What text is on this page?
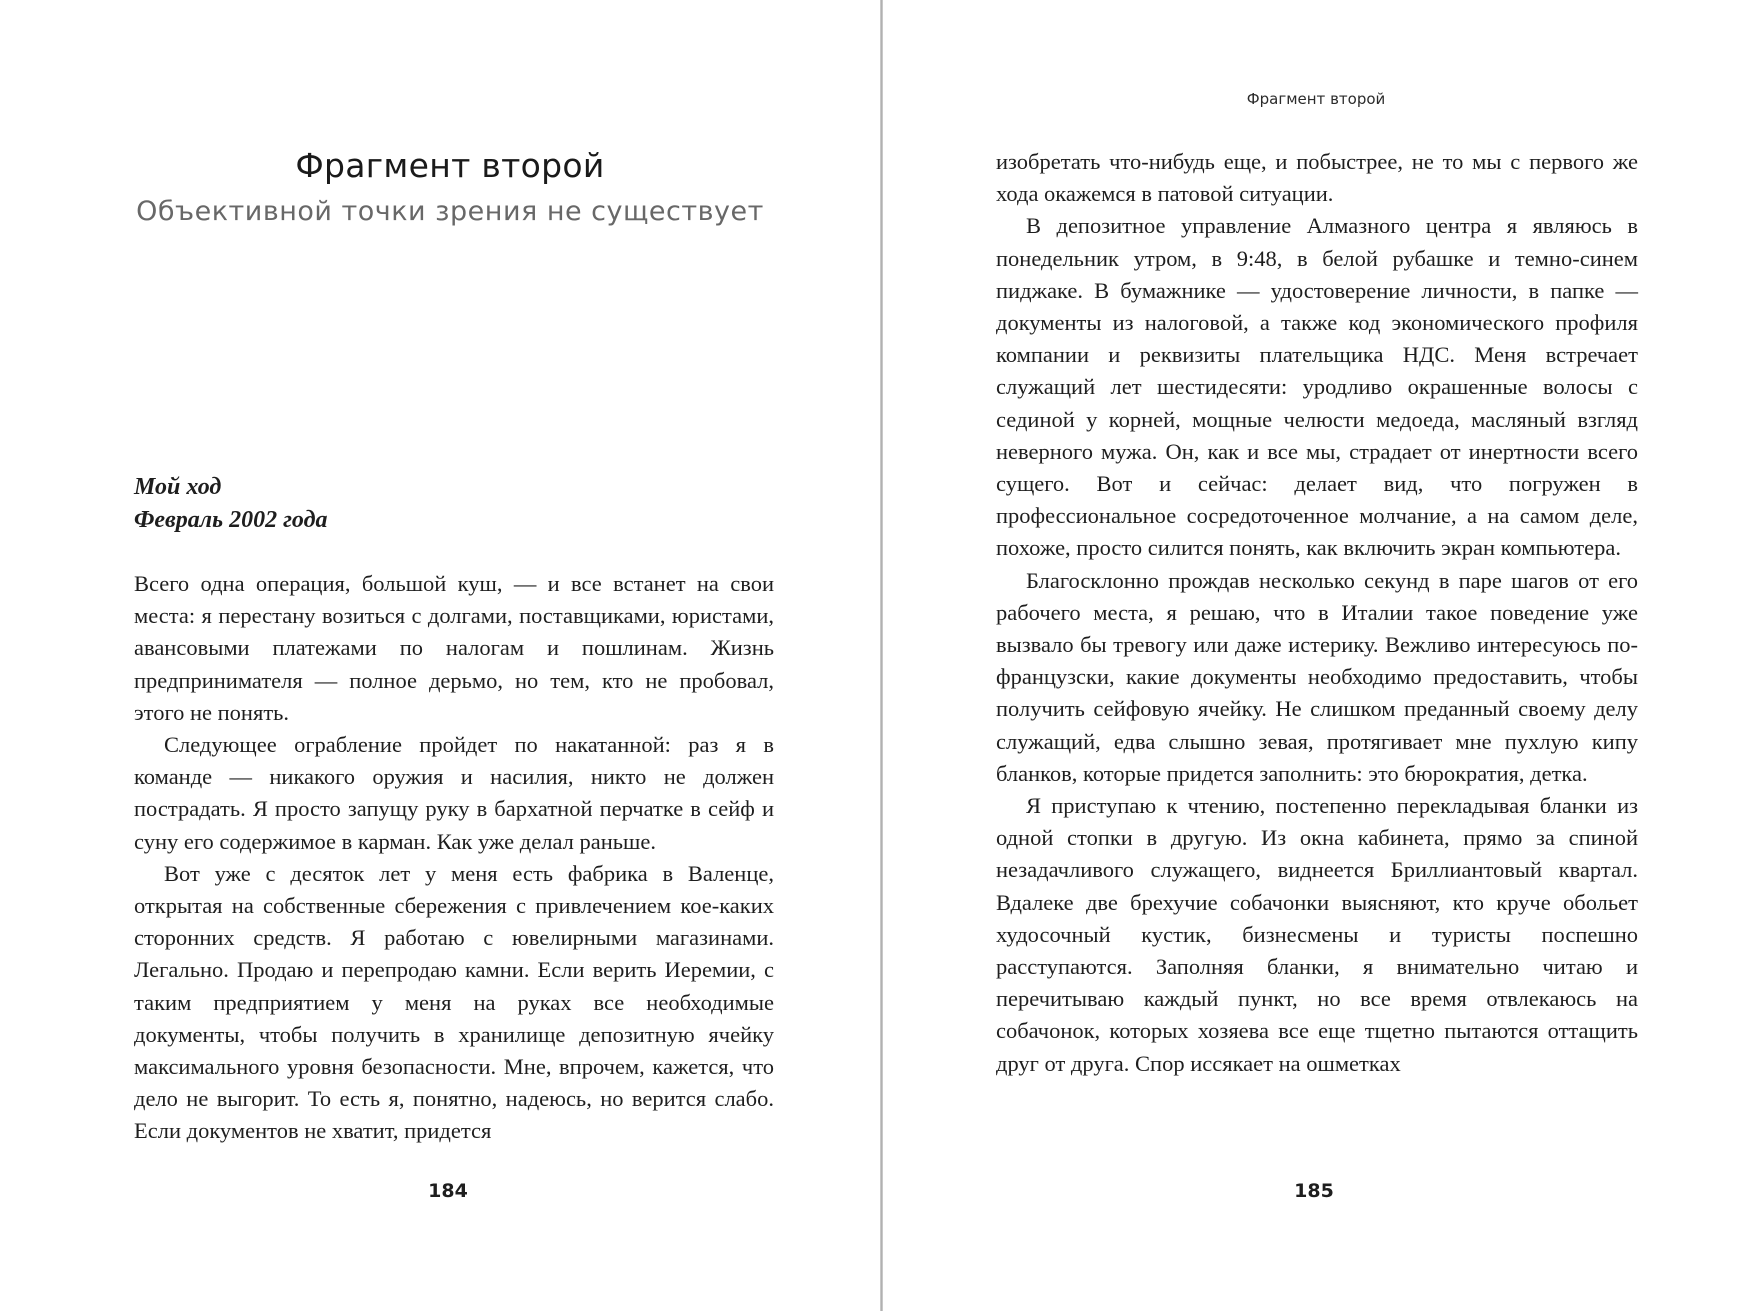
Фрагмент второй
Объективной точки зрения не существует
Мой ход
Февраль 2002 года

Всего одна операция, большой куш, — и все встанет на свои места: я перестану возиться с долгами, поставщиками, юристами, авансовыми платежами по налогам и пошлинам. Жизнь предпринимателя — полное дерьмо, но тем, кто не пробовал, этого не понять.

Следующее ограбление пройдет по накатанной: раз я в команде — никакого оружия и насилия, никто не должен пострадать. Я просто запущу руку в бархатной перчатке в сейф и суну его содержимое в карман. Как уже делал раньше.

Вот уже с десяток лет у меня есть фабрика в Валенце, открытая на собственные сбережения с привлечением кое-каких сторонних средств. Я работаю с ювелирными магазинами. Легально. Продаю и перепродаю камни. Если верить Иеремии, с таким предприятием у меня на руках все необходимые документы, чтобы получить в хранилище депозитную ячейку максимального уровня безопасности. Мне, впрочем, кажется, что дело не выгорит. То есть я, понятно, надеюсь, но верится слабо. Если документов не хватит, придется

184
Фрагмент второй

изобретать что-нибудь еще, и побыстрее, не то мы с первого же хода окажемся в патовой ситуации.

В депозитное управление Алмазного центра я являюсь в понедельник утром, в 9:48, в белой рубашке и темно-синем пиджаке. В бумажнике — удостоверение личности, в папке — документы из налоговой, а также код экономического профиля компании и реквизиты плательщика НДС. Меня встречает служащий лет шестидесяти: уродливо окрашенные волосы с сединой у корней, мощные челюсти медоеда, масляный взгляд неверного мужа. Он, как и все мы, страдает от инертности всего сущего. Вот и сейчас: делает вид, что погружен в профессиональное сосредоточенное молчание, а на самом деле, похоже, просто силится понять, как включить экран компьютера.

Благосклонно прождав несколько секунд в паре шагов от его рабочего места, я решаю, что в Италии такое поведение уже вызвало бы тревогу или даже истерику. Вежливо интересуюсь по-французски, какие документы необходимо предоставить, чтобы получить сейфовую ячейку. Не слишком преданный своему делу служащий, едва слышно зевая, протягивает мне пухлую кипу бланков, которые придется заполнить: это бюрократия, детка.

Я приступаю к чтению, постепенно перекладывая бланки из одной стопки в другую. Из окна кабинета, прямо за спиной незадачливого служащего, виднеется Бриллиантовый квартал. Вдалеке две брехучие собачонки выясняют, кто круче обольет худосочный кустик, бизнесмены и туристы поспешно расступаются. Заполняя бланки, я внимательно читаю и перечитываю каждый пункт, но все время отвлекаюсь на собачонок, которых хозяева все еще тщетно пытаются оттащить друг от друга. Спор иссякает на ошметках

185
